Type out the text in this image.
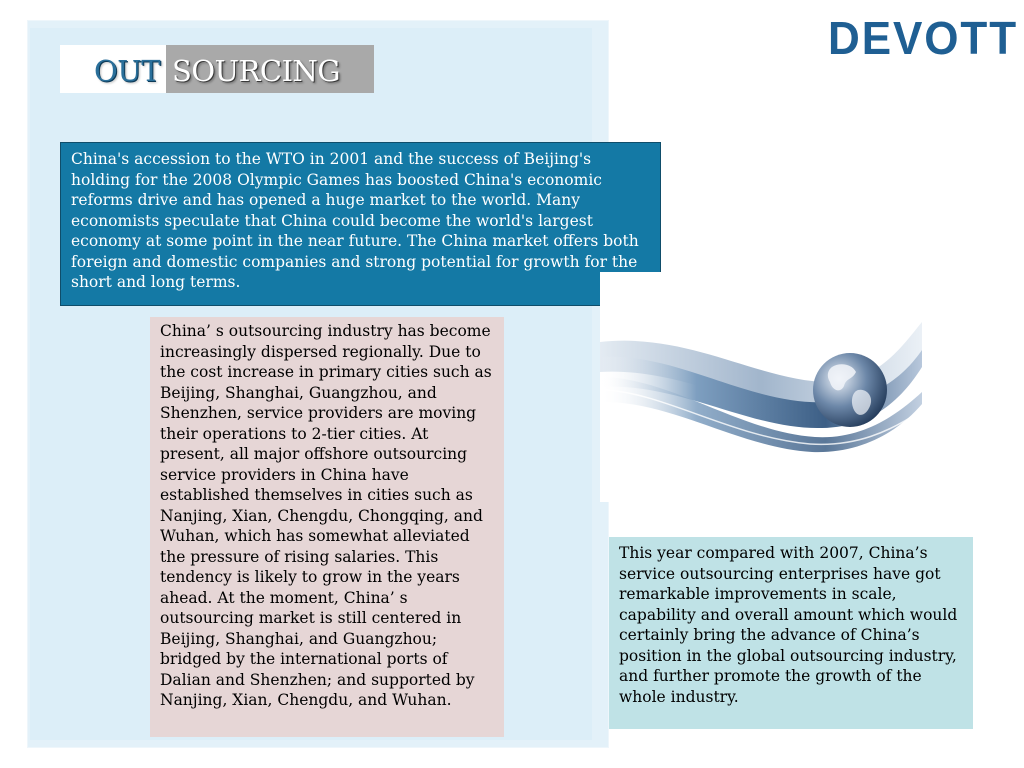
OUT SOURCING
DEVOTT

China's accession to the WTO in 2001 and the success of Beijing's holding for the 2008 Olympic Games has boosted China's economic reforms drive and has opened a huge market to the world. Many economists speculate that China could become the world's largest economy at some point in the near future. The China market offers both foreign and domestic companies and strong potential for growth for the short and long terms.

China’ s outsourcing industry has become increasingly dispersed regionally. Due to the cost increase in primary cities such as Beijing, Shanghai, Guangzhou, and Shenzhen, service providers are moving their operations to 2-tier cities. At present, all major offshore outsourcing service providers in China have established themselves in cities such as Nanjing, Xian, Chengdu, Chongqing, and Wuhan, which has somewhat alleviated the pressure of rising salaries. This tendency is likely to grow in the years ahead. At the moment, China’ s outsourcing market is still centered in Beijing, Shanghai, and Guangzhou; bridged by the international ports of Dalian and Shenzhen; and supported by Nanjing, Xian, Chengdu, and Wuhan.

This year compared with 2007, China’s service outsourcing enterprises have got remarkable improvements in scale, capability and overall amount which would certainly bring the advance of China’s position in the global outsourcing industry, and further promote the growth of the whole industry.
